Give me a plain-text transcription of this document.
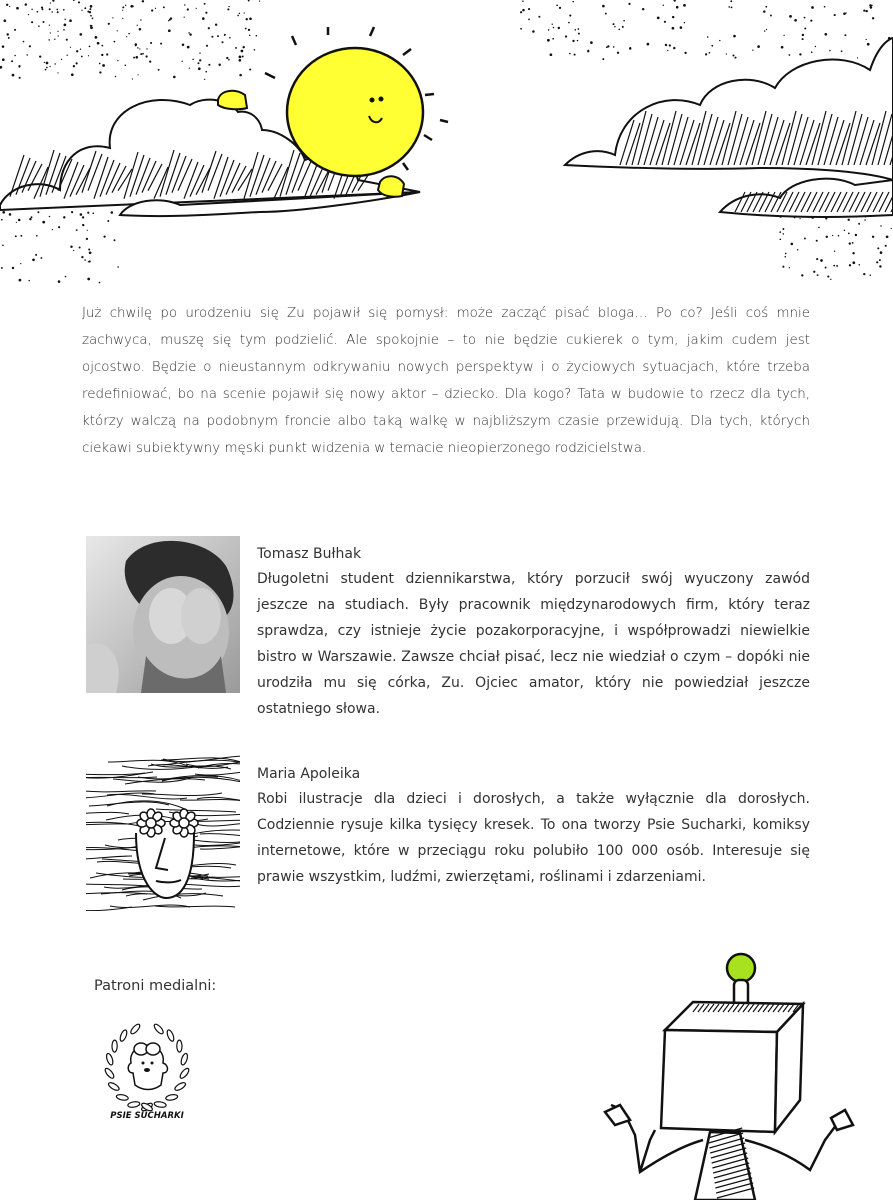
Już chwilę po urodzeniu się Zu pojawił się pomysł: może zacząć pisać bloga… Po co? Jeśli coś mnie zachwyca, muszę się tym podzielić. Ale spokojnie – to nie będzie cukierek o tym, jakim cudem jest ojcostwo. Będzie o nieustannym odkrywaniu nowych perspektyw i o życiowych sytuacjach, które trzeba redefiniować, bo na scenie pojawił się nowy aktor – dziecko. Dla kogo? Tata w budowie to rzecz dla tych, którzy walczą na podobnym froncie albo taką walkę w najbliższym czasie przewidują. Dla tych, których ciekawi subiektywny męski punkt widzenia w temacie nieopierzonego rodzicielstwa.

Tomasz Bułhak
Długoletni student dziennikarstwa, który porzucił swój wyuczony zawód jeszcze na studiach. Były pracownik międzynarodowych firm, który teraz sprawdza, czy istnieje życie pozakorporacyjne, i współprowadzi niewielkie bistro w Warszawie. Zawsze chciał pisać, lecz nie wiedział o czym – dopóki nie urodziła mu się córka, Zu. Ojciec amator, który nie powiedział jeszcze ostatniego słowa.
Maria Apoleika
Robi ilustracje dla dzieci i dorosłych, a także wyłącznie dla dorosłych. Codziennie rysuje kilka tysięcy kresek. To ona tworzy Psie Sucharki, komiksy internetowe, które w przeciągu roku polubiło 100 000 osób. Interesuje się prawie wszystkim, ludźmi, zwierzętami, roślinami i zdarzeniami.
Patroni medialni:
PSIE SUCHARKI
